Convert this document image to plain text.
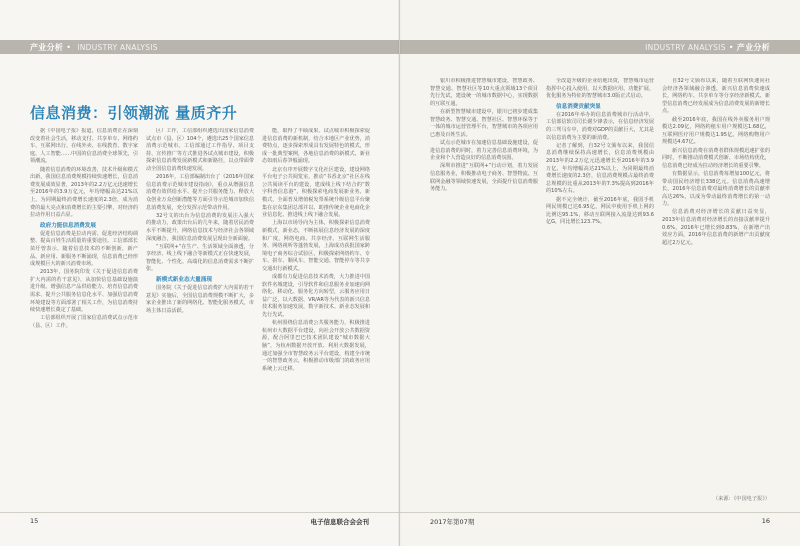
产业分析 • INDUSTRY ANALYSIS
信息消费：引领潮流 量质齐升

据《中国电子报》报道，信息消费正在深刻改变着社会生活，移动支付、共享单车、网络约车、互联网出行、在线外卖、在线教育、数字家庭、人工智能……中国的信息消费全球领先，引领潮流。

随着信息消费的环境改善，技术升级和模式出新，我国信息消费规模持续快速增长，信息消费发展成效显著，2013年的2.2万亿元迅速增长至2016年的3.9万亿元，年均增幅高达21%以上，为同期最终消费增长速度的2.3倍，成为消费的最大亮点和消费增长的主要引擎，对经济的拉动作用日益凸显。

政府力挺信息消费发展

促进信息消费是拉动内需、促进经济结构调整、提高百姓生活质量的重要途径。工信部部长苗圩曾表示，随着信息技术的不断创新，新产品、新应用、新服务不断涌现，信息消费已经形成规模巨大的新兴消费市场。

2013年，国务院印发《关于促进信息消费扩大内需的若干意见》，从加快信息基础设施演进升级、增强信息产品供给能力、培育信息消费需求、提升公共服务信息化水平、加强信息消费环境建设等方面部署了相关工作，为信息消费持续快速增长奠定了基础。

工信部组织开展了国家信息消费试点示范市（县、区）工作。

区）工作，工信部组织遴选出国家信息消费试点市（县、区）104个，遴选出25个国家信息消费示范城市。工信部通过工作指导、项目支持、宣传推广等方式推进各试点城市建设，积极探索信息消费发展新模式和新路径，以点带面带动全国信息消费快速发展。

2016年，工信部编制出台了《2016年国家信息消费示范城市建设指南》，重点从增强信息消费有效供给水平、提升公共服务能力、释放大众创业万众创新潜能等方面引导示范城市加快信息消费发展，充分发挥示范带动作用。

32号文的出台为信息消费的发展注入强大的推动力，政策出台后的几年来，随着居民消费水平不断提升，网络信息技术与经济社会各领域深度融合，我国信息消费发展呈现出全新面貌。

“互联网+”在生产、生活领域全面渗透，分享经济、线上线下融合等新模式正在快速发展，智能化、个性化、高端化的信息消费需求不断扩张。

新模式新业态大量涌现

国务院《关于促进信息消费扩大内需的若干意见》实施后，全国信息消费规模不断扩大，多家企业推出了新的网络化、智能化服务模式，市场主体日益活跃。

能，取得了丰硕成果。试点城市积极探索促进信息消费的新机制，结合本地区产业优势，消费特点，逐步探索形成具有发展特色的模式，形成一批典型案例，各地信息消费的新模式、新业态如雨后春笋般涌现。

北京有序开展数字文化社区建设，建设网络平台电子公共阅览室，推动“书香北京”社区在线公共阅读平台的建设，建成线上线下结合的“数字科普信息港”，积极探索电商发展新业务、新模式，全面普及增值税发票系统升级信息平台聚集在京东集团总部并以、助推传统企业电商化企业信息化、推进线上线下融合发展。

上海以市场导向为主体，积极探索信息消费新模式，新业态，不断拓展信息经济发展的深度和广度，网络电商、共享经济、互联网生活服务、网络视听等蓬勃发展，上海成功获批国家跨境电子商务综合试验区，积极探索网络约车、专车、拼车、顺风车、智能交通、智能停车等共享交通出行新模式。

成都有力促进信息技术消费，大力推进中国软件名城建设，引导软件和信息服务业加速向网络化、移动化、服务化方向转型，云服务应用日益广泛，以大数据、VR/AR等为代表的新兴信息技术服务加速发展，数字新技术、新业态发展和先行先试。

杭州围绕信息消费公共服务能力，积极推进杭州市大数据平台建设，向社会开放公共数据资源，配合阿里巴巴技术团队建设“城市数据大脑”，为杭州数据开放开放、利用大数据发展，通过加强全市智慧政务云平台建设，构建全市统一的智慧政务云，积极推动市级部门的政务应用系统上云迁移。

15	电子信息联合会会刊
INDUSTRY ANALYSIS • 产业分析

银川市积极推进智慧城市建设，智慧政务、智慧交通、智慧社区等10大重点领域13个项目先行先试，建设统一的城市数据中心，实现数据的互联互通。

在新型智慧城市建设中，银川已初步建成集智慧政务、智慧交通、智慧社区、智慧环保等于一体的城市运营管理平台，智慧城市的各项应用已惠及百姓生活。

试点示范城市在加速信息基础设施建设，促进信息消费的同时，着力完善信息消费环境，为企业和个人营造良好的信息消费氛围。

深圳市推进“互联网+”行动计划，着力发展信息服务业，积极推动电子商务、智慧物流、互联网金融等领域快速发展，全面提升信息消费服务能力。

全改造升级的企业给地出资，智慧城市运营指挥中心投入使用，以大数据应用、功能扩展、优化服务为特征的智慧城市3.0版正式启动。

信息消费贡献突显

在2016年举办的信息消费城市行活动中，工信部信软司司长谢少锋表示，在信息经济发展的三驾马车中，消费对GDP的贡献巨大，尤其是以信息消费为主要的新消费。

记者了解到，自32号文颁布以来，我国信息消费继续保持高速增长，信息消费规模由2013年的2.2万亿元迅速增长至2016年的3.9万亿，年均增幅高达21%以上，为同期最终消费增长速度的2.3倍，信息消费规模占最终消费总规模的比重从2013年的7.3%提高到2016年的10%左右。

据不完全统计，截至2016年底，我国手机网民规模已达6.95亿，网民中使用手机上网的比例达95.1%，移动互联网接入流量达到93.6亿G，同比增长123.7%。

自32号文颁布以来，随着互联网快速向社会经济各领域融合渗透，新兴信息消费快速成长，网络约车、共享单车等分享经济新模式、新型信息消费已经发展成为信息消费发展的新增长点。

截至2016年底，我国在线外卖服务用户规模达2.09亿，网络约租车用户规模达1.68亿，互联网医疗用户规模达1.95亿，网络购物用户规模达4.67亿。

新兴信息消费在消费者群体规模迅速扩张的同时，不断推动消费模式创新、市场结构优化，信息消费已经成为拉动经济增长的重要引擎。

有数据显示，信息消费每增加100亿元，将带动国民经济增长338亿元。信息消费高速增长，2016年信息消费对最终消费增长的贡献率高达26%，以成为带动最终消费增长的第一动力。

信息消费对经济增长的贡献日益突显，2013年信息消费对经济增长的直接贡献率提升0.6%，2016年已增长到0.83%，在新增产出效应方面，2016年信息消费的新增产出贡献度超过2万亿元。

（来源：《中国电子报》）
2017年第07期	16
